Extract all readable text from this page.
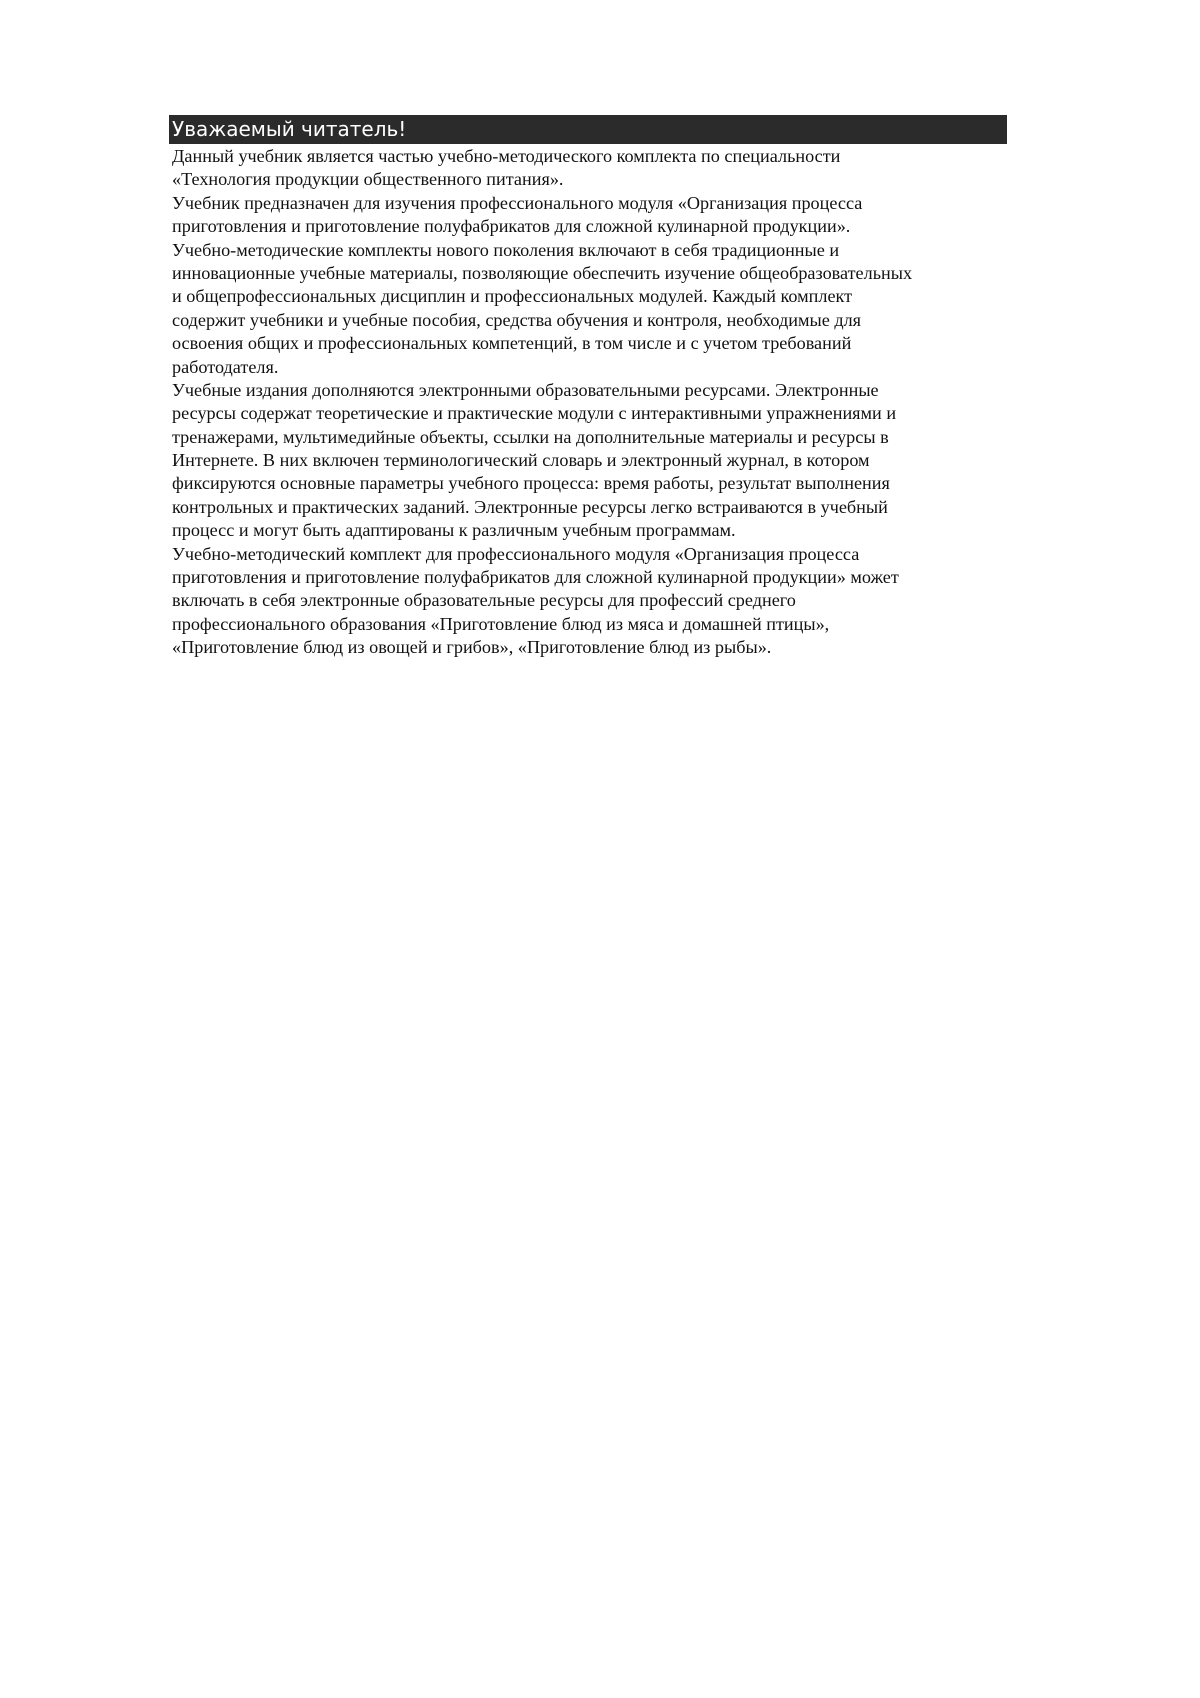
Уважаемый читатель!
Данный учебник является частью учебно-методического комплекта по специальности
«Технология продукции общественного питания».
Учебник предназначен для изучения профессионального модуля «Организация процесса
приготовления и приготовление полуфабрикатов для сложной кулинарной продукции».
Учебно-методические комплекты нового поколения включают в себя традиционные и
инновационные учебные материалы, позволяющие обеспечить изучение общеобразовательных
и общепрофессиональных дисциплин и профессиональных модулей. Каждый комплект
содержит учебники и учебные пособия, средства обучения и контроля, необходимые для
освоения общих и профессиональных компетенций, в том числе и с учетом требований
работодателя.
Учебные издания дополняются электронными образовательными ресурсами. Электронные
ресурсы содержат теоретические и практические модули с интерактивными упражнениями и
тренажерами, мультимедийные объекты, ссылки на дополнительные материалы и ресурсы в
Интернете. В них включен терминологический словарь и электронный журнал, в котором
фиксируются основные параметры учебного процесса: время работы, результат выполнения
контрольных и практических заданий. Электронные ресурсы легко встраиваются в учебный
процесс и могут быть адаптированы к различным учебным программам.
Учебно-методический комплект для профессионального модуля «Организация процесса
приготовления и приготовление полуфабрикатов для сложной кулинарной продукции» может
включать в себя электронные образовательные ресурсы для профессий среднего
профессионального образования «Приготовление блюд из мяса и домашней птицы»,
«Приготовление блюд из овощей и грибов», «Приготовление блюд из рыбы».
